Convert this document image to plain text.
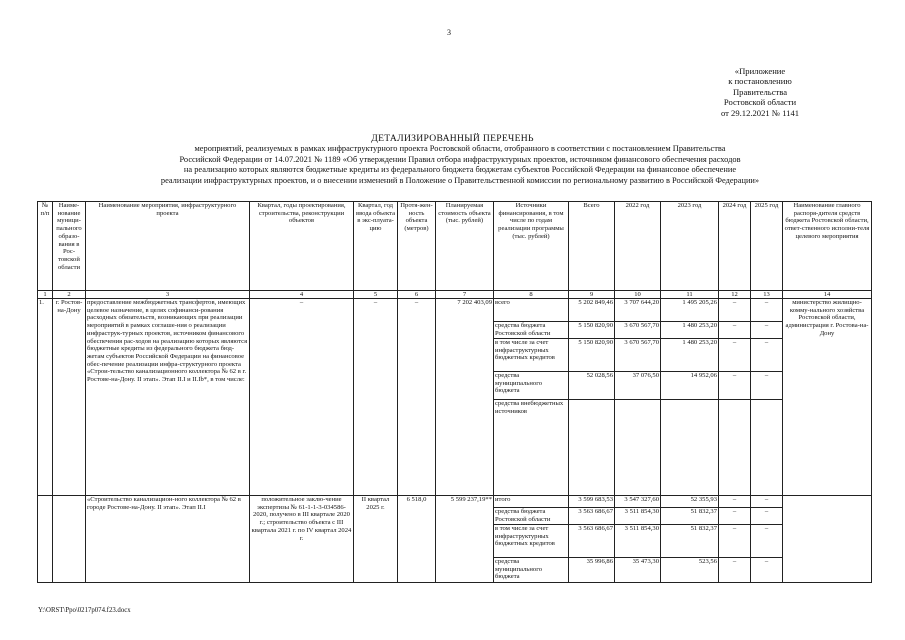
3
«Приложение
к постановлению
Правительства
Ростовской области
от 29.12.2021 № 1141
ДЕТАЛИЗИРОВАННЫЙ ПЕРЕЧЕНЬ
мероприятий, реализуемых в рамках инфраструктурного проекта Ростовской области, отобранного в соответствии с постановлением Правительства
Российской Федерации от 14.07.2021 № 1189 «Об утверждении Правил отбора инфраструктурных проектов, источником финансового обеспечения расходов
на реализацию которых являются бюджетные кредиты из федерального бюджета бюджетам субъектов Российской Федерации на финансовое обеспечение
реализации инфраструктурных проектов, и о внесении изменений в Положение о Правительственной комиссии по региональному развитию в Российской Федерации»
№ п/п	Наиме-нование муници-пального образо-вания в Рос-товской области	Наименование мероприятия, инфраструктурного проекта	Квартал, годы проектирования, строительства, реконструкции объектов	Квартал, год ввода объекта в экс-плуата-цию	Протя-жен-ность объекта (метров)	Планируемая стоимость объекта (тыс. рублей)	Источники финансирования, в том числе по годам реализации программы (тыс. рублей)	Всего	2022 год	2023 год	2024 год	2025 год	Наименование главного распоря-дителя средств бюджета Ростовской области, ответ-ственного исполни-теля целевого мероприятия
1	2	3	4	5	6	7	8	9	10	11	12	13	14
1.	г. Ростов-на-Дону	предоставление межбюджетных трансфертов, имеющих целевое назначение, в целях софинанси-рования расходных обязательств, возникающих при реализации мероприятий в рамках соглаше-ния о реализации инфраструк-турных проектов, источником финансового обеспечения рас-ходов на реализацию которых являются бюджетные кредиты из федерального бюджета бюд-жетам субъектов Российской Федерации на финансовое обес-печение реализации инфра-структурного проекта «Строи-тельство канализационного коллектора № 62 в г. Ростове-на-Дону. II этап». Этап II.I и II.Ib*, в том числе:	–	–	–	7 202 403,09	всего	5 202 849,46	3 707 644,20	1 495 205,26	–	–	министерство жилищно-комму-нального хозяйства Ростовской области, администрация г. Ростова-на-Дону
							средства бюджета Ростовской области	5 150 820,90	3 670 567,70	1 480 253,20	–	–	
							в том числе за счет инфраструктурных бюджетных кредитов	5 150 820,90	3 670 567,70	1 480 253,20	–	–	
							средства муниципального бюджета	52 028,56	37 076,50	14 952,06	–	–	
							средства внебюджетных источников						
		«Строительство канализацион-ного коллектора № 62 в городе Ростове-на-Дону. II этап». Этап II.I	положительное заклю-чение экспертизы № 61-1-1-3-034586-2020, получено в III квартале 2020 г.; строительство объекта с III квартала 2021 г. по IV квартал 2024 г.	II квартал 2025 г.	6 518,0	5 599 237,19**	итого	3 599 683,53	3 547 327,60	52 355,93	–	–	
							средства бюджета Ростовской области	3 563 686,67	3 511 854,30	51 832,37	–	–	
							в том числе за счет инфраструктурных бюджетных кредитов	3 563 686,67	3 511 854,30	51 832,37	–	–	
							средства муниципального бюджета	35 996,86	35 473,30	523,56	–	–	
Y:\ORST\Ppo\0217p074.f23.docx
